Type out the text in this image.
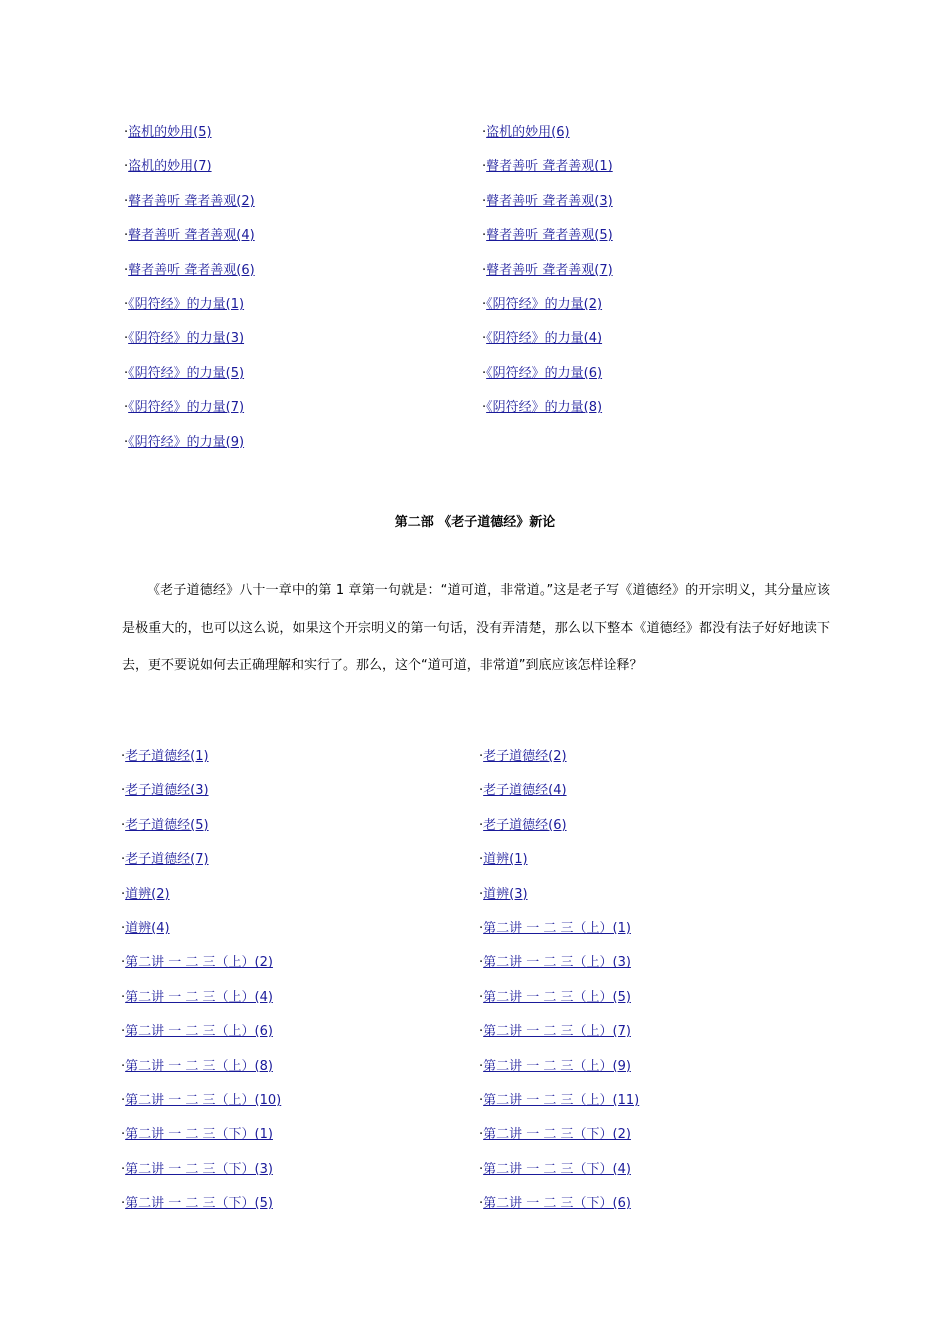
·盗机的妙用(5)	·盗机的妙用(6)
·盗机的妙用(7)	·瞽者善听 聋者善观(1)
·瞽者善听 聋者善观(2)	·瞽者善听 聋者善观(3)
·瞽者善听 聋者善观(4)	·瞽者善听 聋者善观(5)
·瞽者善听 聋者善观(6)	·瞽者善听 聋者善观(7)
·《阴符经》的力量(1)	·《阴符经》的力量(2)
·《阴符经》的力量(3)	·《阴符经》的力量(4)
·《阴符经》的力量(5)	·《阴符经》的力量(6)
·《阴符经》的力量(7)	·《阴符经》的力量(8)
·《阴符经》的力量(9)
第二部 《老子道德经》新论

《老子道德经》八十一章中的第 1 章第一句就是：“道可道，非常道。”这是老子写《道德经》的开宗明义，其分量应该是极重大的，也可以这么说，如果这个开宗明义的第一句话，没有弄清楚，那么以下整本《道德经》都没有法子好好地读下去，更不要说如何去正确理解和实行了。那么，这个“道可道，非常道”到底应该怎样诠释？

·老子道德经(1)	·老子道德经(2)
·老子道德经(3)	·老子道德经(4)
·老子道德经(5)	·老子道德经(6)
·老子道德经(7)	·道辨(1)
·道辨(2)	·道辨(3)
·道辨(4)	·第二讲 一 二 三（上）(1)
·第二讲 一 二 三（上）(2)	·第二讲 一 二 三（上）(3)
·第二讲 一 二 三（上）(4)	·第二讲 一 二 三（上）(5)
·第二讲 一 二 三（上）(6)	·第二讲 一 二 三（上）(7)
·第二讲 一 二 三（上）(8)	·第二讲 一 二 三（上）(9)
·第二讲 一 二 三（上）(10)	·第二讲 一 二 三（上）(11)
·第二讲 一 二 三（下）(1)	·第二讲 一 二 三（下）(2)
·第二讲 一 二 三（下）(3)	·第二讲 一 二 三（下）(4)
·第二讲 一 二 三（下）(5)	·第二讲 一 二 三（下）(6)
